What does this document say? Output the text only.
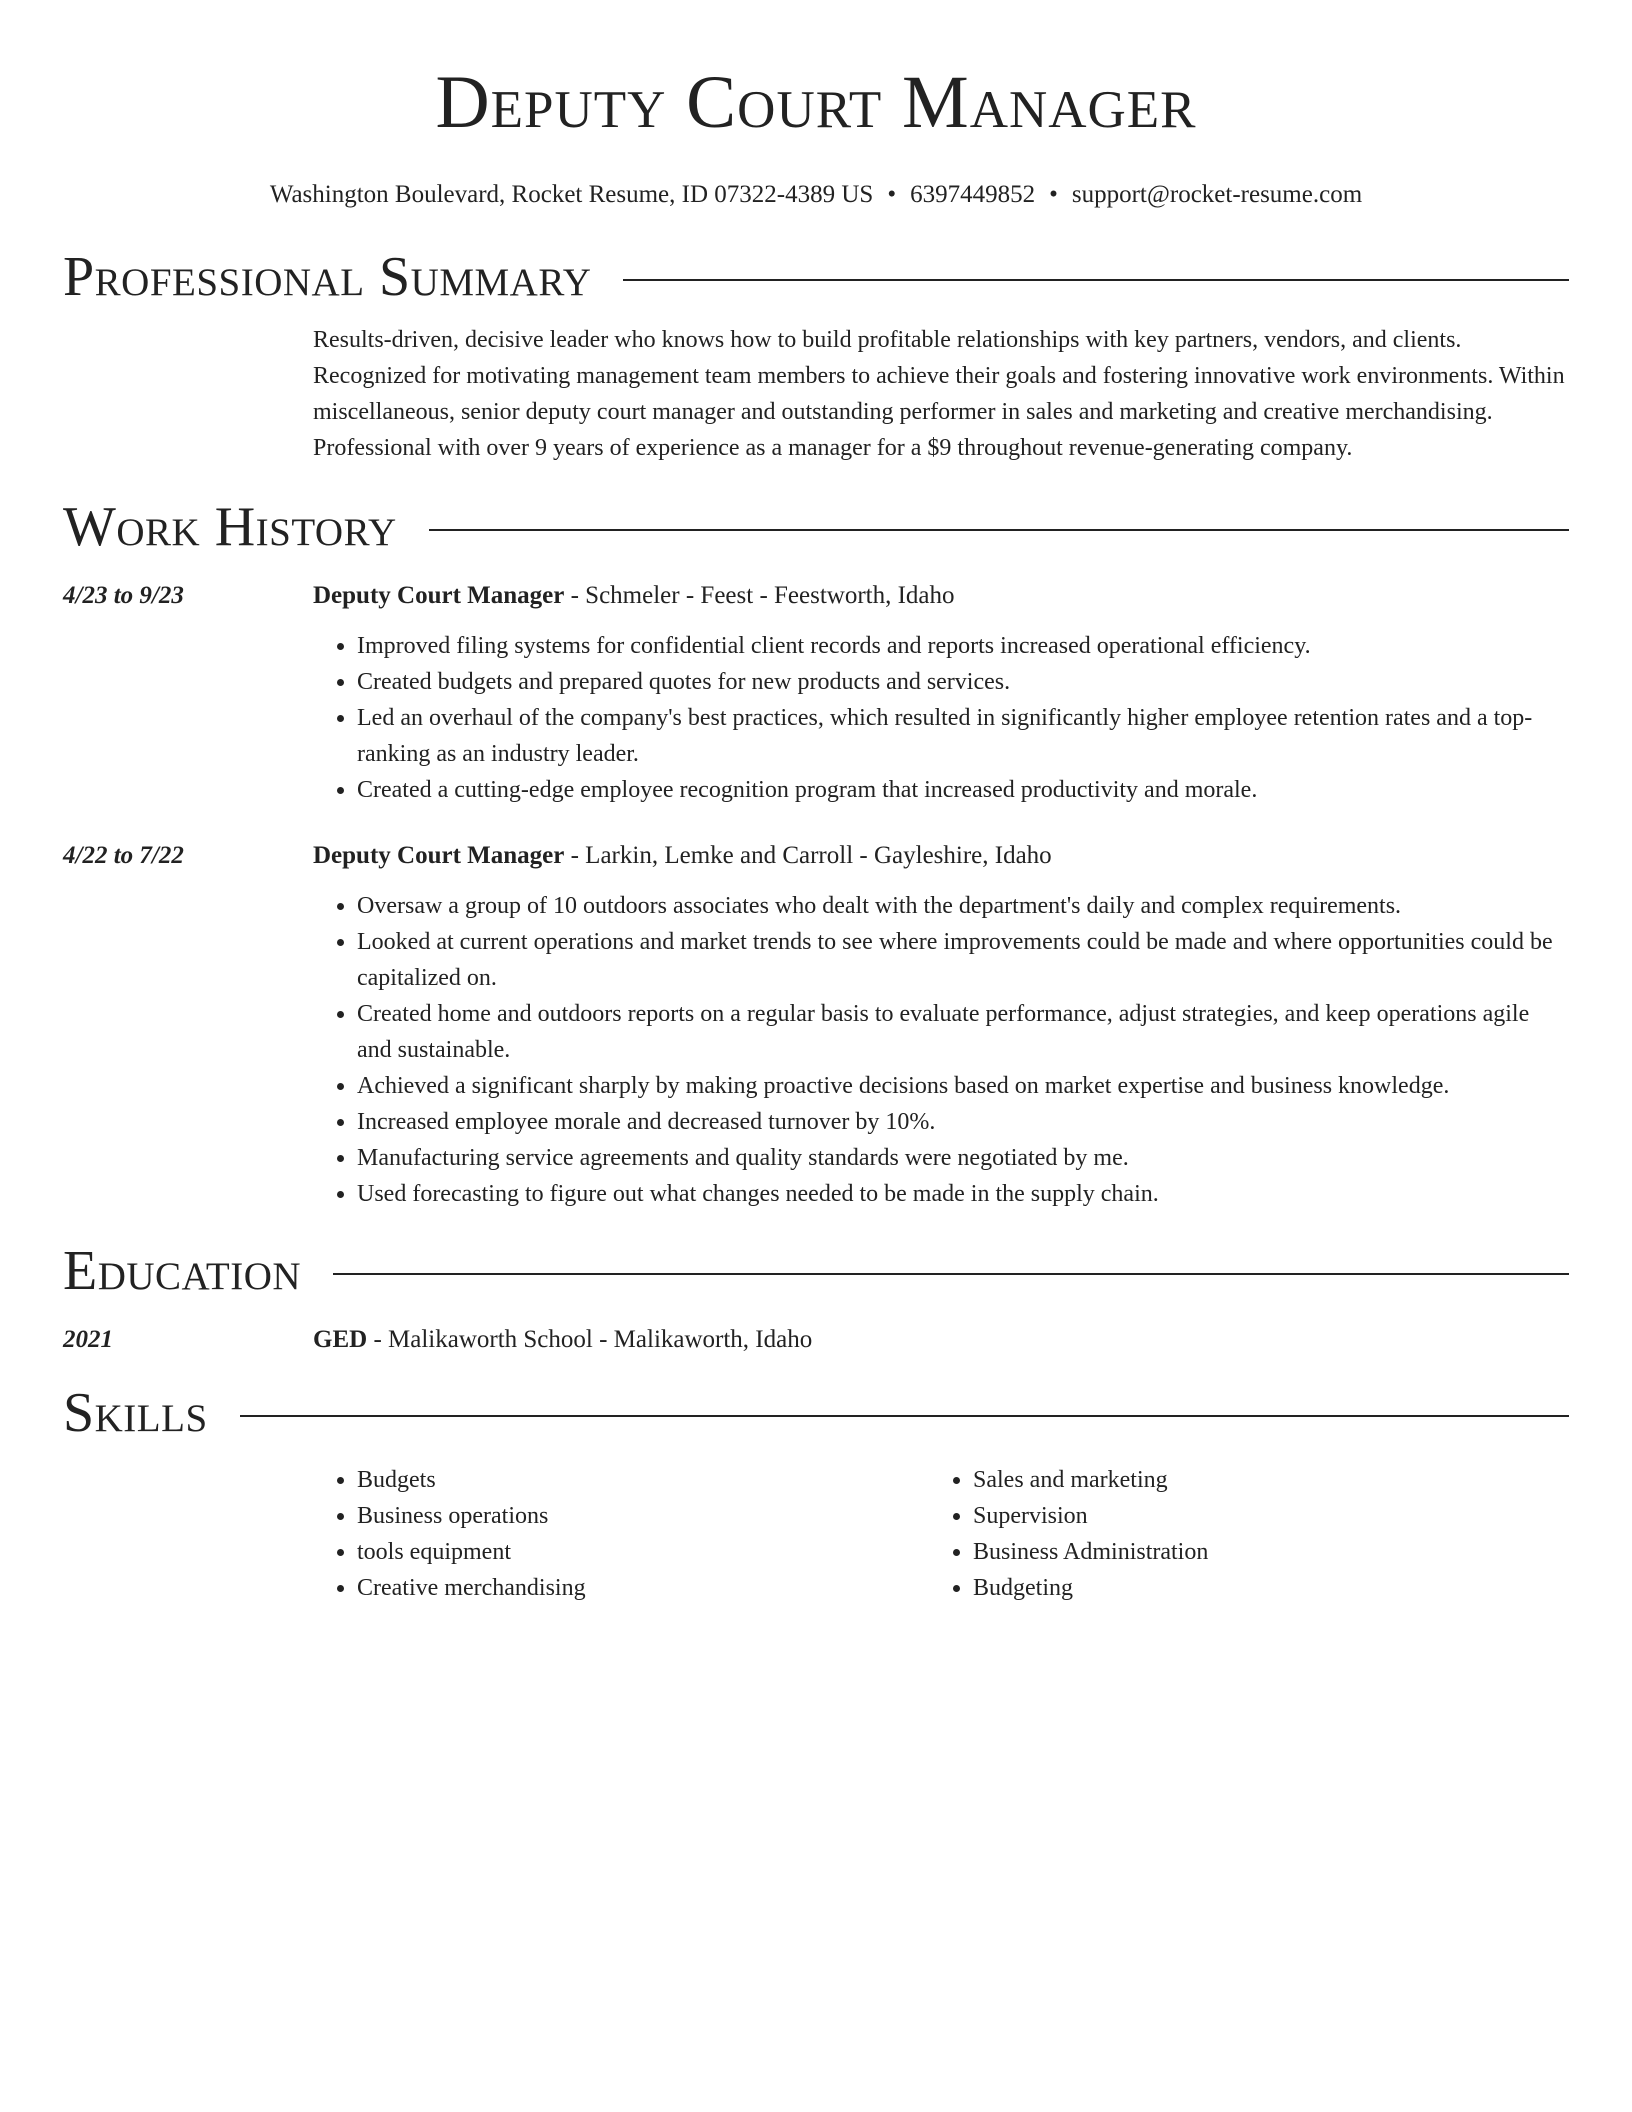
Deputy Court Manager
Washington Boulevard, Rocket Resume, ID 07322-4389 US • 6397449852 • support@rocket-resume.com
Professional Summary

Results-driven, decisive leader who knows how to build profitable relationships with key partners, vendors, and clients. Recognized for motivating management team members to achieve their goals and fostering innovative work environments. Within miscellaneous, senior deputy court manager and outstanding performer in sales and marketing and creative merchandising. Professional with over 9 years of experience as a manager for a $9 throughout revenue-generating company.

Work History
4/23 to 9/23	Deputy Court Manager - Schmeler - Feest - Feestworth, Idaho
• Improved filing systems for confidential client records and reports increased operational efficiency.
• Created budgets and prepared quotes for new products and services.
• Led an overhaul of the company's best practices, which resulted in significantly higher employee retention rates and a top-ranking as an industry leader.
• Created a cutting-edge employee recognition program that increased productivity and morale.
4/22 to 7/22	Deputy Court Manager - Larkin, Lemke and Carroll - Gayleshire, Idaho
• Oversaw a group of 10 outdoors associates who dealt with the department's daily and complex requirements.
• Looked at current operations and market trends to see where improvements could be made and where opportunities could be capitalized on.
• Created home and outdoors reports on a regular basis to evaluate performance, adjust strategies, and keep operations agile and sustainable.
• Achieved a significant sharply by making proactive decisions based on market expertise and business knowledge.
• Increased employee morale and decreased turnover by 10%.
• Manufacturing service agreements and quality standards were negotiated by me.
• Used forecasting to figure out what changes needed to be made in the supply chain.
Education
2021	GED - Malikaworth School - Malikaworth, Idaho
Skills
• Budgets
• Business operations
• tools equipment
• Creative merchandising
• Sales and marketing
• Supervision
• Business Administration
• Budgeting
